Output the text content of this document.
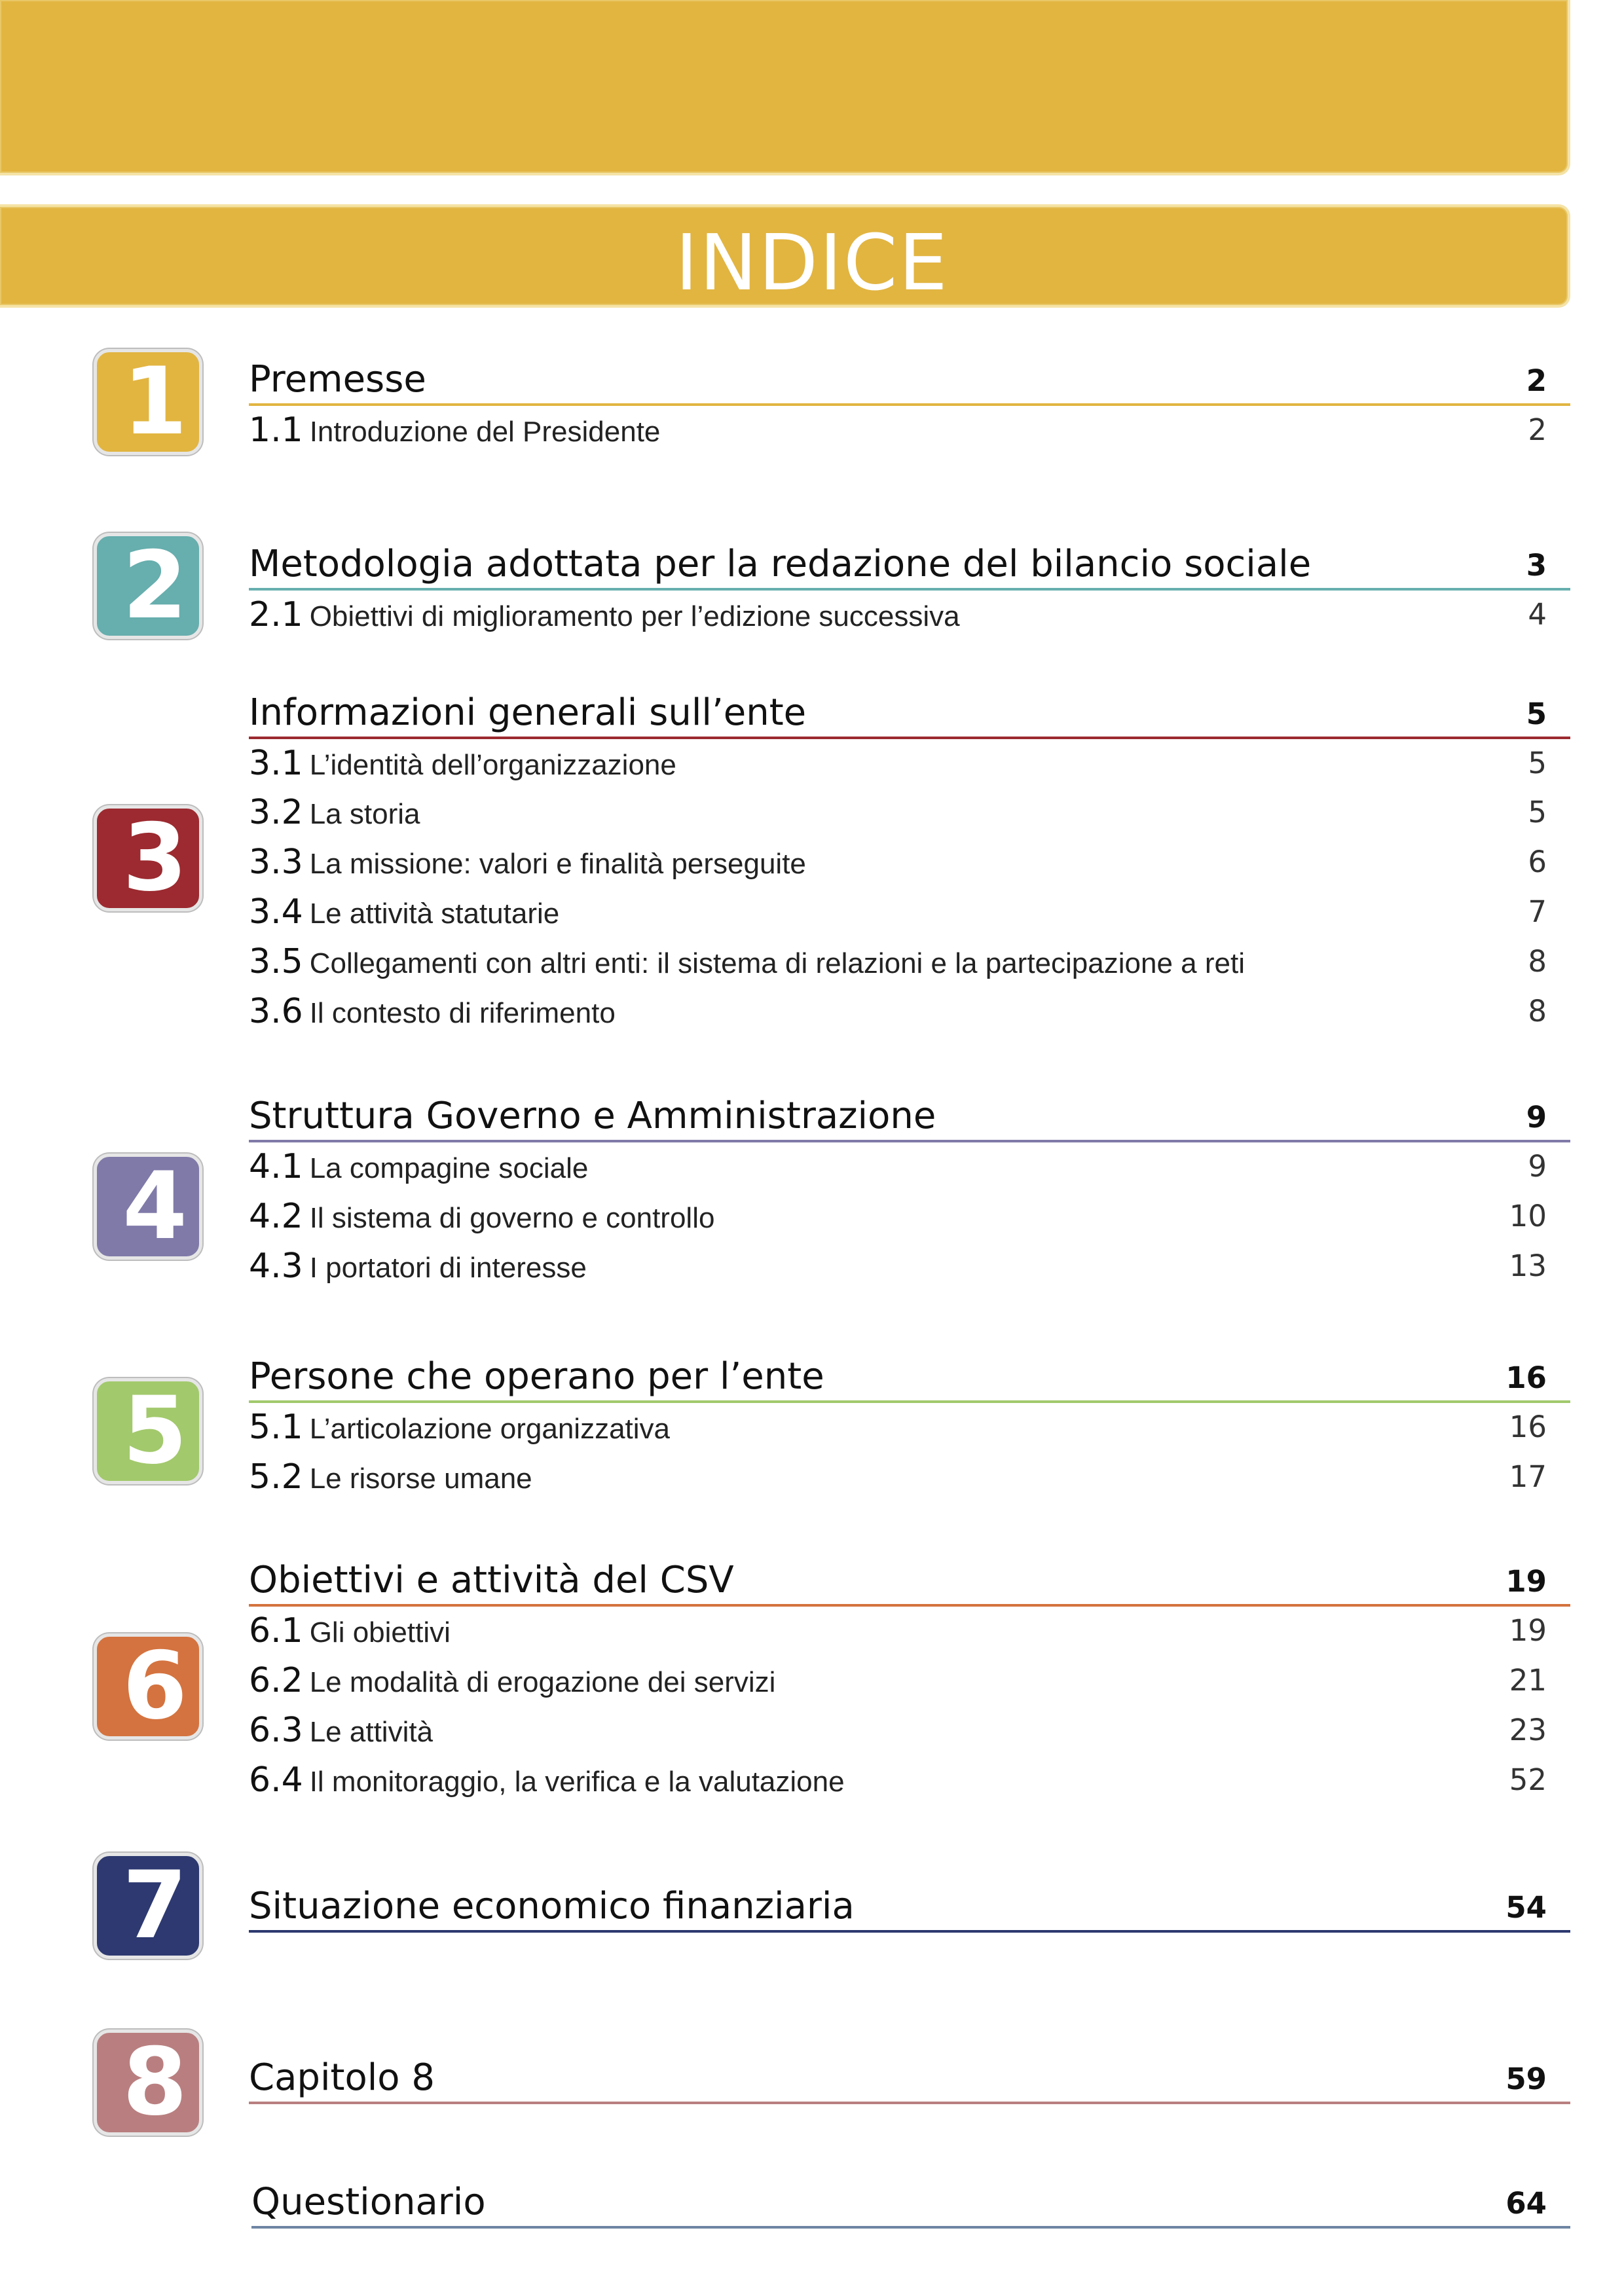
INDICE
1
2
3
4
5
6
7
8
Premesse	2
1.1 Introduzione del Presidente	2
Metodologia adottata per la redazione del bilancio sociale	3
2.1 Obiettivi di miglioramento per l’edizione successiva	4
Informazioni generali sull’ente	5
3.1 L’identità dell’organizzazione	5
3.2 La storia	5
3.3 La missione: valori e finalità perseguite	6
3.4 Le attività statutarie	7
3.5 Collegamenti con altri enti: il sistema di relazioni e la partecipazione a reti	8
3.6 Il contesto di riferimento	8
Struttura Governo e Amministrazione	9
4.1 La compagine sociale	9
4.2 Il sistema di governo e controllo	10
4.3 I portatori di interesse	13
Persone che operano per l’ente	16
5.1 L’articolazione organizzativa	16
5.2 Le risorse umane	17
Obiettivi e attività del CSV	19
6.1 Gli obiettivi	19
6.2 Le modalità di erogazione dei servizi	21
6.3 Le attività	23
6.4 Il monitoraggio, la verifica e la valutazione	52
Situazione economico finanziaria	54
Capitolo 8	59
Questionario	64
